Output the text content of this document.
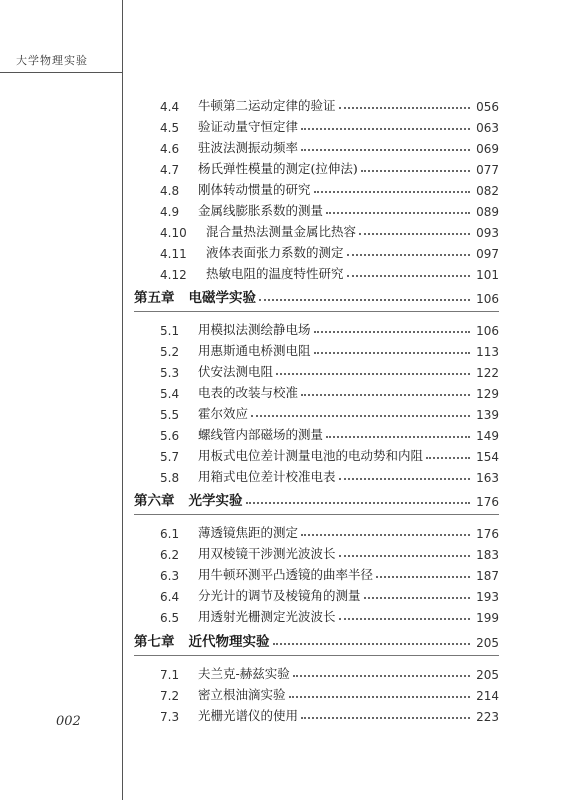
大学物理实验
002
4.4	牛顿第二运动定律的验证	056
4.5	验证动量守恒定律	063
4.6	驻波法测振动频率	069
4.7	杨氏弹性模量的测定(拉伸法)	077
4.8	刚体转动惯量的研究	082
4.9	金属线膨胀系数的测量	089
4.10	混合量热法测量金属比热容	093
4.11	液体表面张力系数的测定	097
4.12	热敏电阻的温度特性研究	101
第五章	电磁学实验	106
5.1	用模拟法测绘静电场	106
5.2	用惠斯通电桥测电阻	113
5.3	伏安法测电阻	122
5.4	电表的改装与校准	129
5.5	霍尔效应	139
5.6	螺线管内部磁场的测量	149
5.7	用板式电位差计测量电池的电动势和内阻	154
5.8	用箱式电位差计校准电表	163
第六章	光学实验	176
6.1	薄透镜焦距的测定	176
6.2	用双棱镜干涉测光波波长	183
6.3	用牛顿环测平凸透镜的曲率半径	187
6.4	分光计的调节及棱镜角的测量	193
6.5	用透射光栅测定光波波长	199
第七章	近代物理实验	205
7.1	夫兰克-赫兹实验	205
7.2	密立根油滴实验	214
7.3	光栅光谱仪的使用	223
